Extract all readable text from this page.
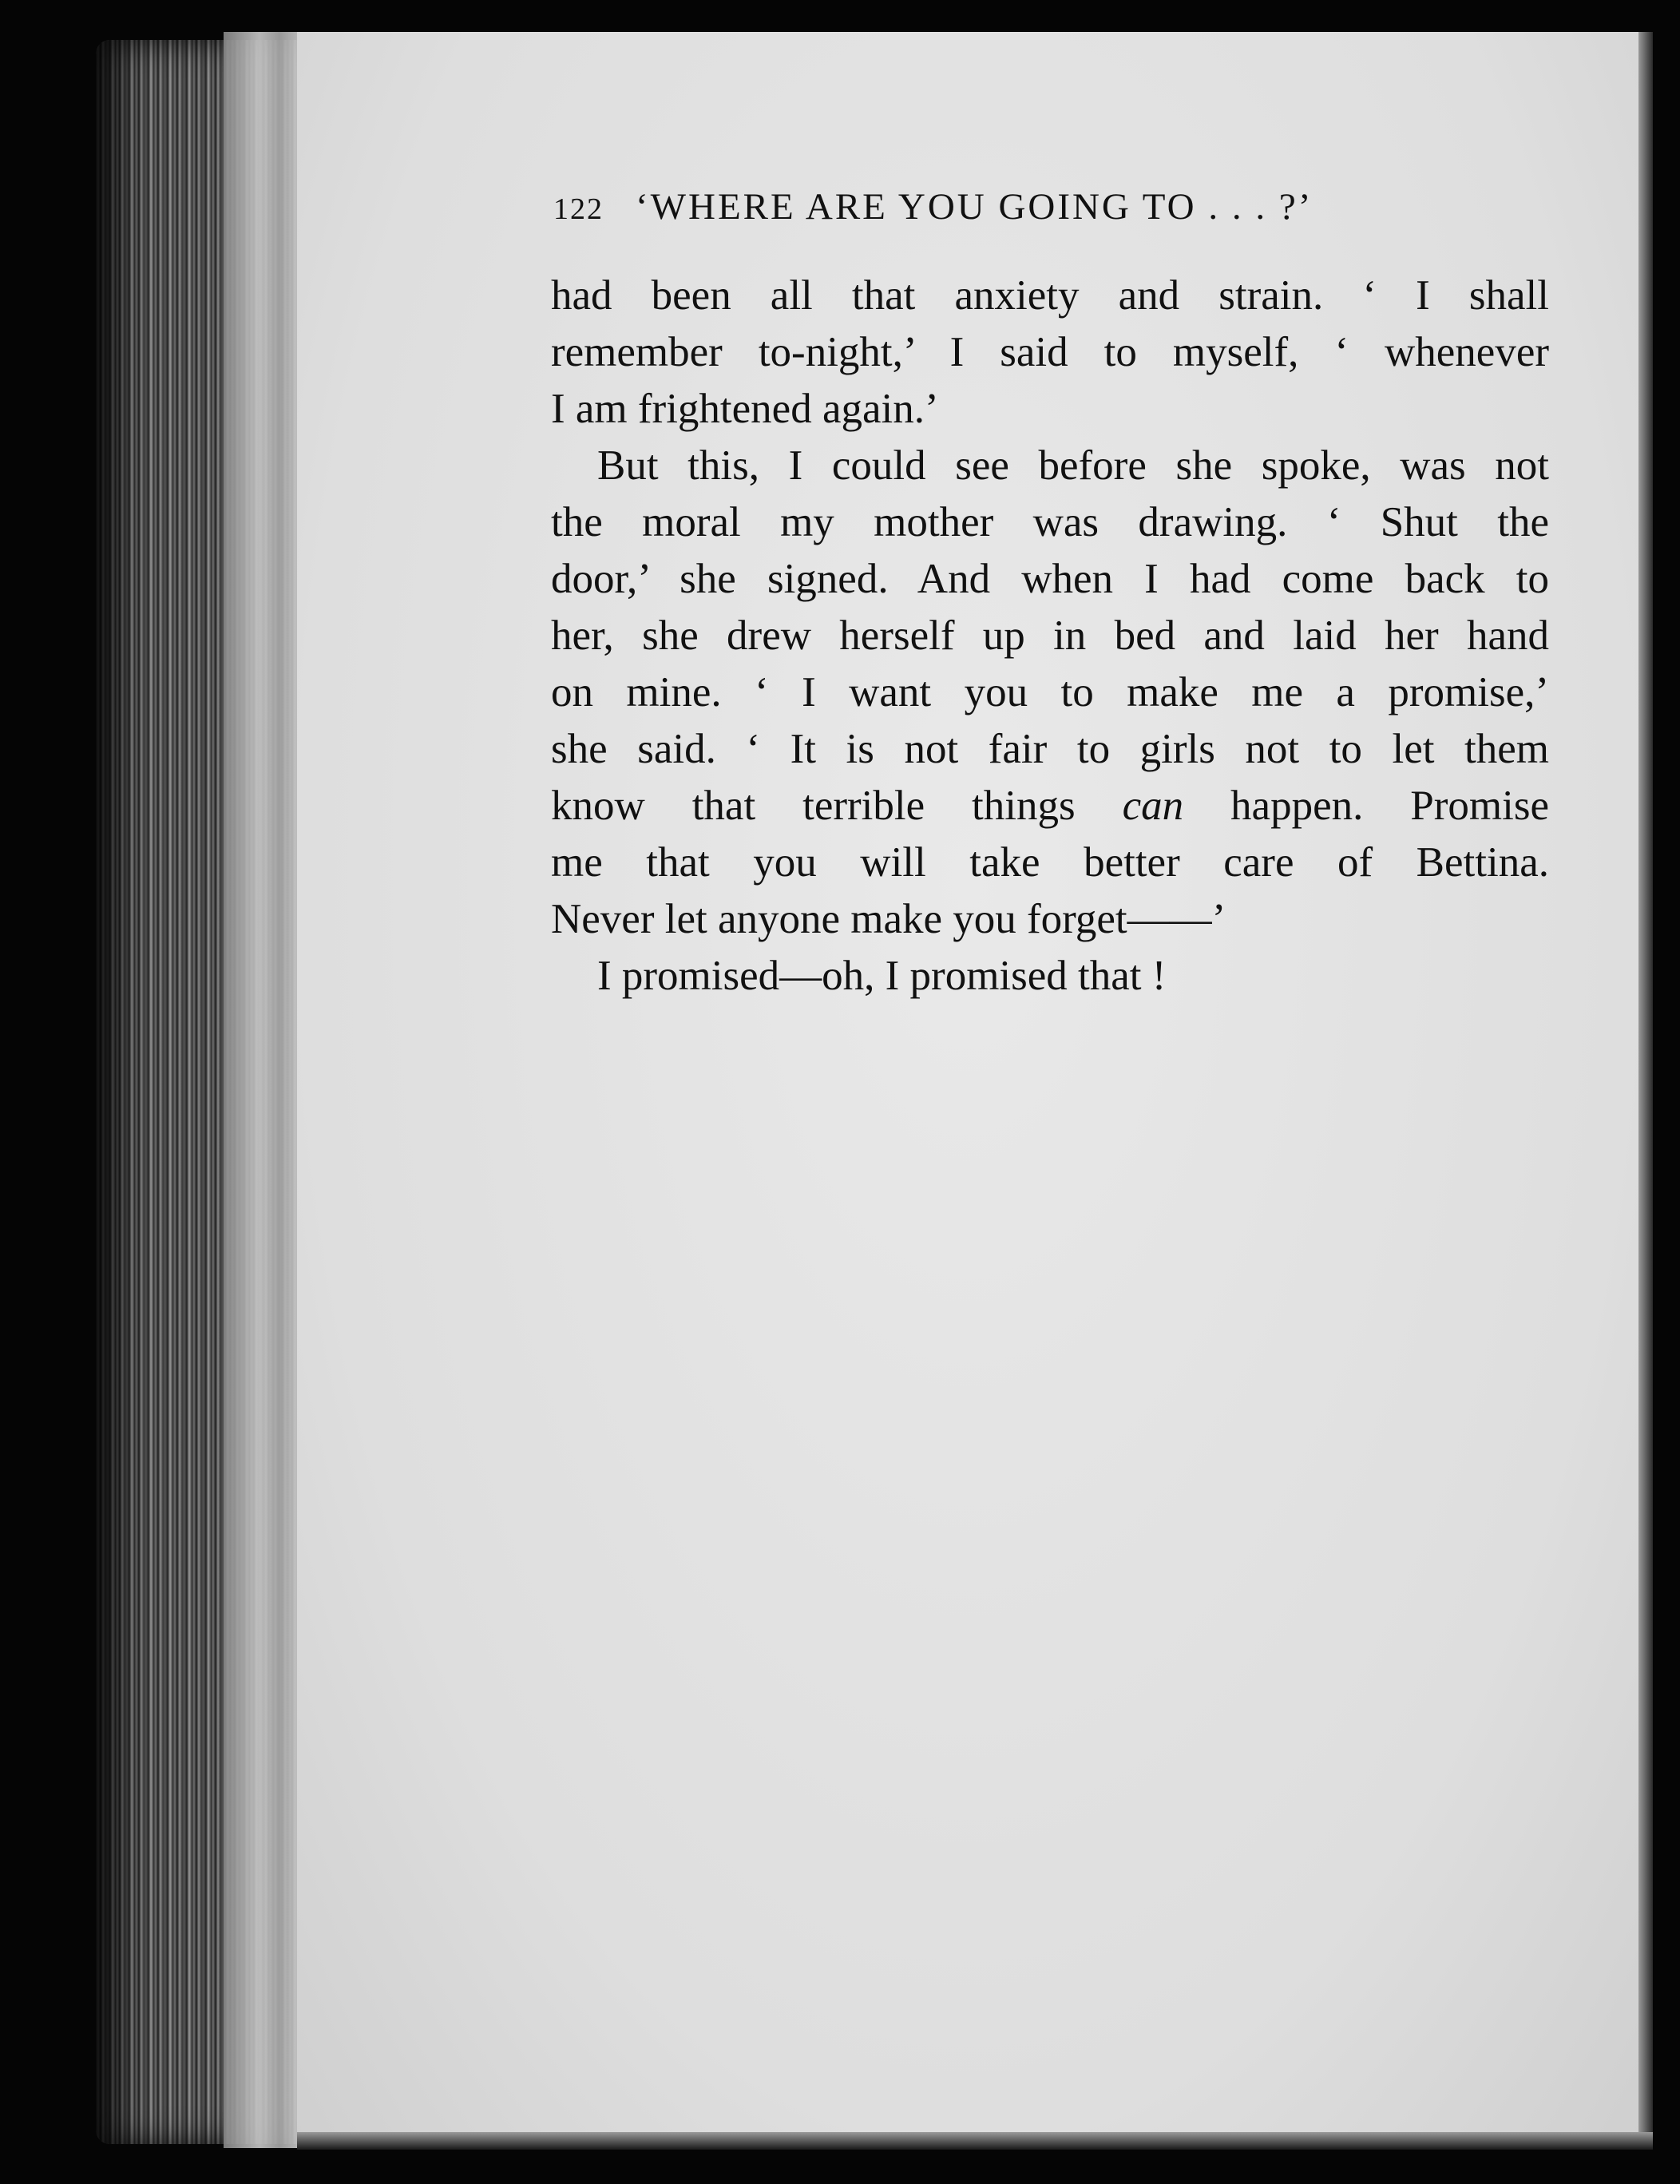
122 ‘WHERE ARE YOU GOING TO . . . ?’
had been all that anxiety and strain. ‘ I shall
remember to-night,’ I said to myself, ‘ whenever
I am frightened again.’
But this, I could see before she spoke, was not
the moral my mother was drawing. ‘ Shut the
door,’ she signed. And when I had come back to
her, she drew herself up in bed and laid her hand
on mine. ‘ I want you to make me a promise,’
she said. ‘ It is not fair to girls not to let them
know that terrible things can happen. Promise
me that you will take better care of Bettina.
Never let anyone make you forget——’
I promised—oh, I promised that !
